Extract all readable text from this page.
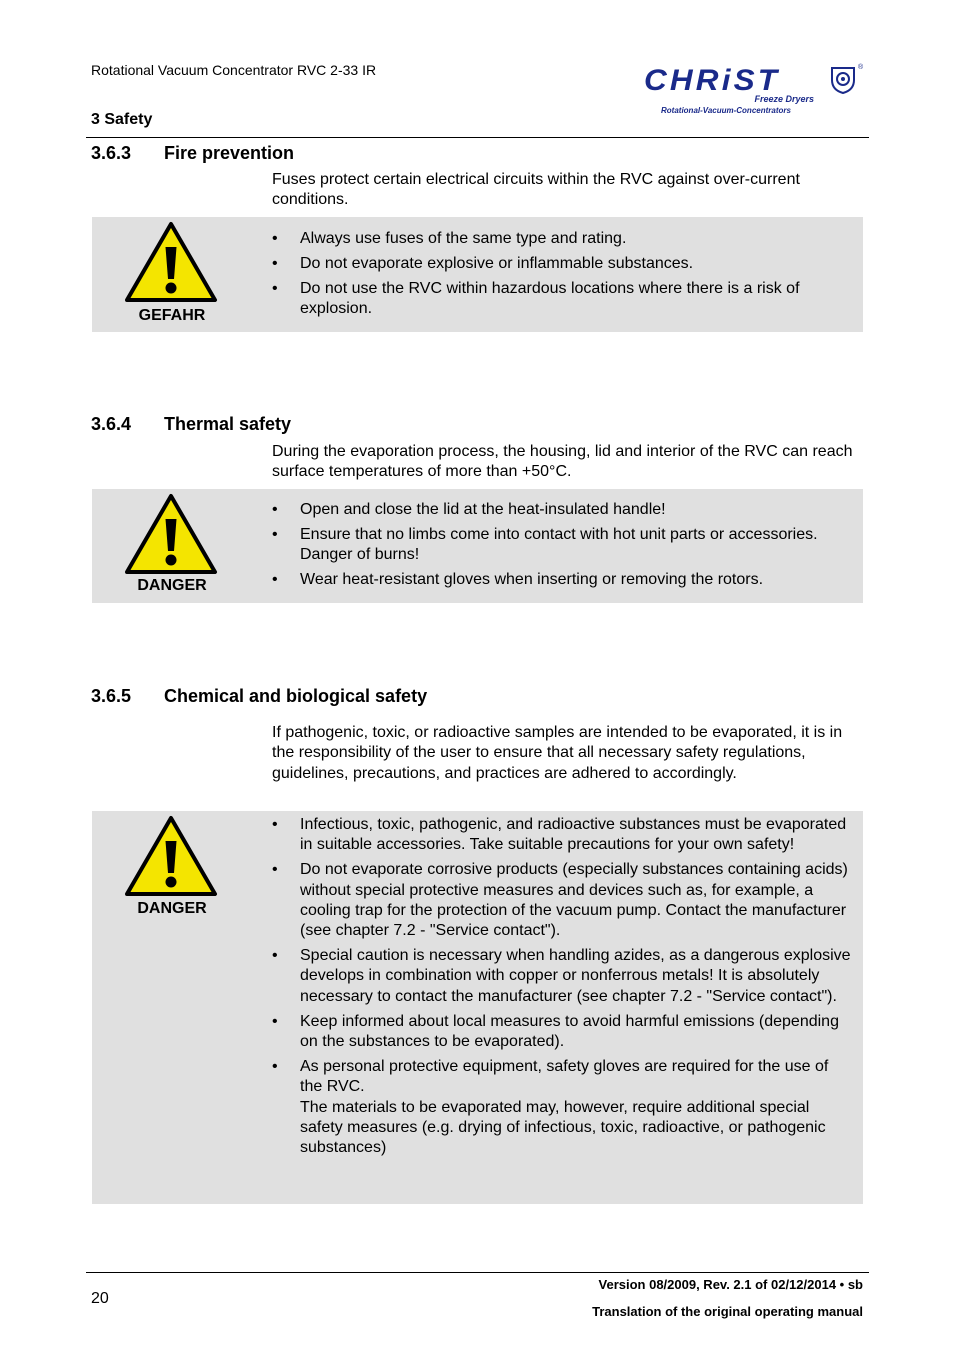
Rotational Vacuum Concentrator RVC 2-33 IR
3 Safety
CHRiST
Freeze Dryers
Rotational-Vacuum-Concentrators
®
3.6.3 Fire prevention
Fuses protect certain electrical circuits within the RVC against over-current conditions.
GEFAHR
• Always use fuses of the same type and rating.
• Do not evaporate explosive or inflammable substances.
• Do not use the RVC within hazardous locations where there is a risk of explosion.
3.6.4 Thermal safety
During the evaporation process, the housing, lid and interior of the RVC can reach surface temperatures of more than +50°C.
DANGER
• Open and close the lid at the heat-insulated handle!
• Ensure that no limbs come into contact with hot unit parts or accessories. Danger of burns!
• Wear heat-resistant gloves when inserting or removing the rotors.
3.6.5 Chemical and biological safety
If pathogenic, toxic, or radioactive samples are intended to be evaporated, it is in the responsibility of the user to ensure that all necessary safety regulations, guidelines, precautions, and practices are adhered to accordingly.
DANGER
• Infectious, toxic, pathogenic, and radioactive substances must be evaporated in suitable accessories. Take suitable precautions for your own safety!
• Do not evaporate corrosive products (especially substances containing acids) without special protective measures and devices such as, for example, a cooling trap for the protection of the vacuum pump. Contact the manufacturer (see chapter 7.2 - "Service contact").
• Special caution is necessary when handling azides, as a dangerous explosive develops in combination with copper or nonferrous metals! It is absolutely necessary to contact the manufacturer (see chapter 7.2 - "Service contact").
• Keep informed about local measures to avoid harmful emissions (depending on the substances to be evaporated).
• As personal protective equipment, safety gloves are required for the use of the RVC.
The materials to be evaporated may, however, require additional special safety measures (e.g. drying of infectious, toxic, radioactive, or pathogenic substances)
20
Version 08/2009, Rev. 2.1 of 02/12/2014 • sb
Translation of the original operating manual
